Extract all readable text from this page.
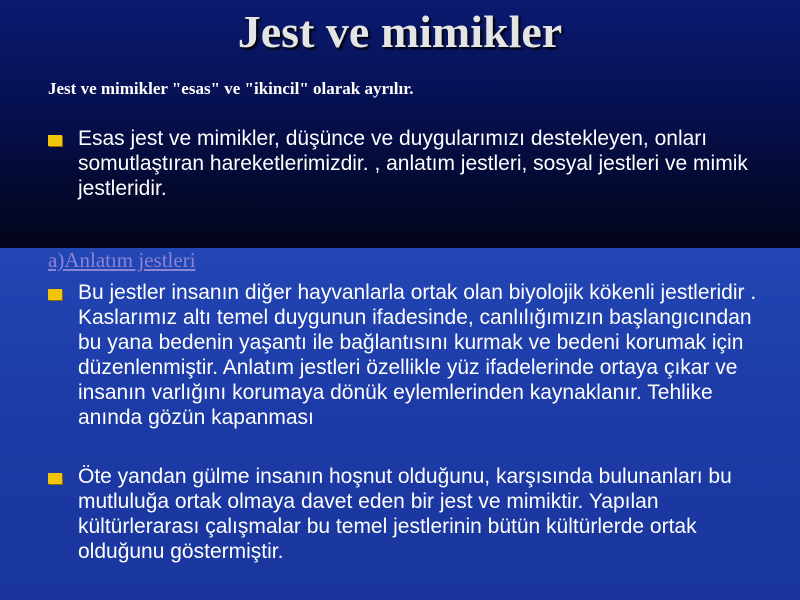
Jest ve mimikler
Jest ve mimikler "esas" ve "ikincil" olarak ayrılır.
Esas jest ve mimikler, düşünce ve duygularımızı destekleyen, onları somutlaştıran hareketlerimizdir. , anlatım jestleri, sosyal jestleri ve mimik jestleridir.
a)Anlatım jestleri
Bu jestler insanın diğer hayvanlarla ortak olan biyolojik kökenli jestleridir . Kaslarımız altı temel duygunun ifadesinde, canlılığımızın başlangıcından bu yana bedenin yaşantı ile bağlantısını kurmak ve bedeni korumak için düzenlenmiştir. Anlatım jestleri özellikle yüz ifadelerinde ortaya çıkar ve insanın varlığını korumaya dönük eylemlerinden kaynaklanır. Tehlike anında gözün kapanması
Öte yandan gülme insanın hoşnut olduğunu, karşısında bulunanları bu mutluluğa ortak olmaya davet eden bir jest ve mimiktir. Yapılan kültürlerarası çalışmalar bu temel jestlerinin bütün kültürlerde ortak olduğunu göstermiştir.
